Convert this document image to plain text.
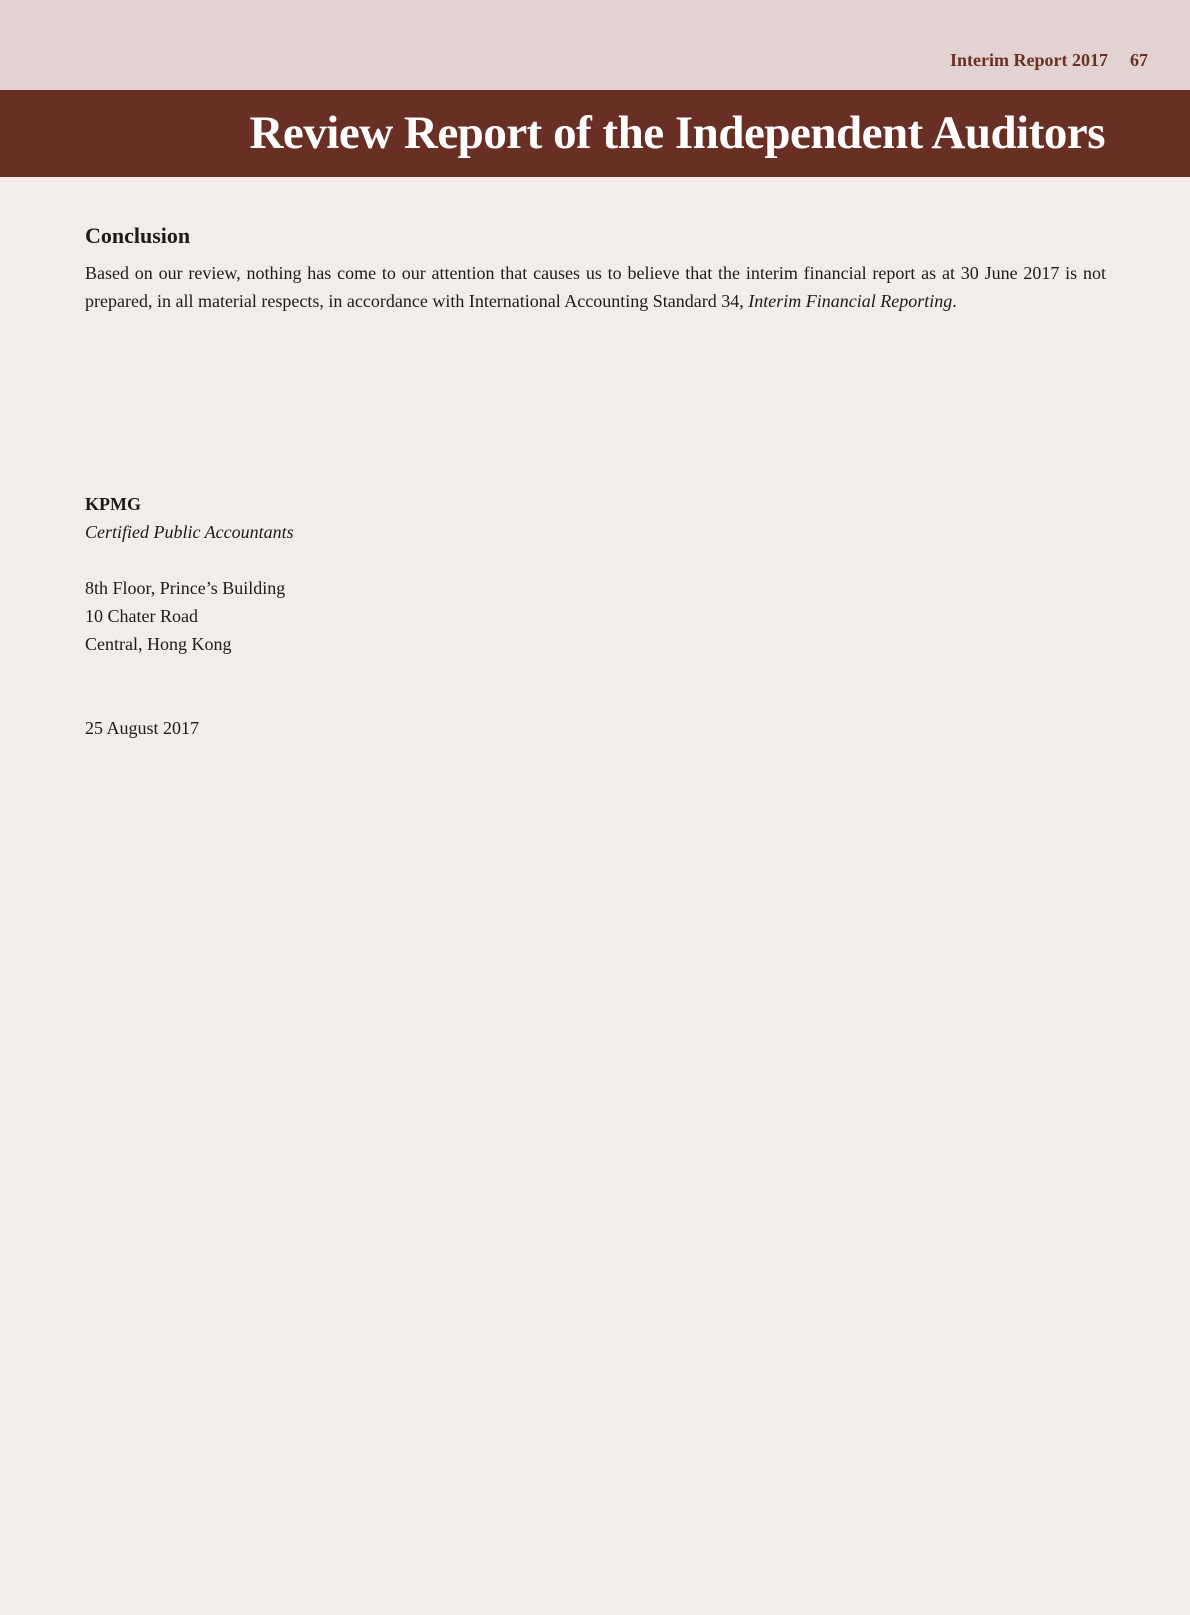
Interim Report 2017 67
Review Report of the Independent Auditors
Conclusion

Based on our review, nothing has come to our attention that causes us to believe that the interim financial report as at 30 June 2017 is not prepared, in all material respects, in accordance with International Accounting Standard 34, Interim Financial Reporting.

KPMG
Certified Public Accountants
8th Floor, Prince’s Building
10 Chater Road
Central, Hong Kong
25 August 2017
